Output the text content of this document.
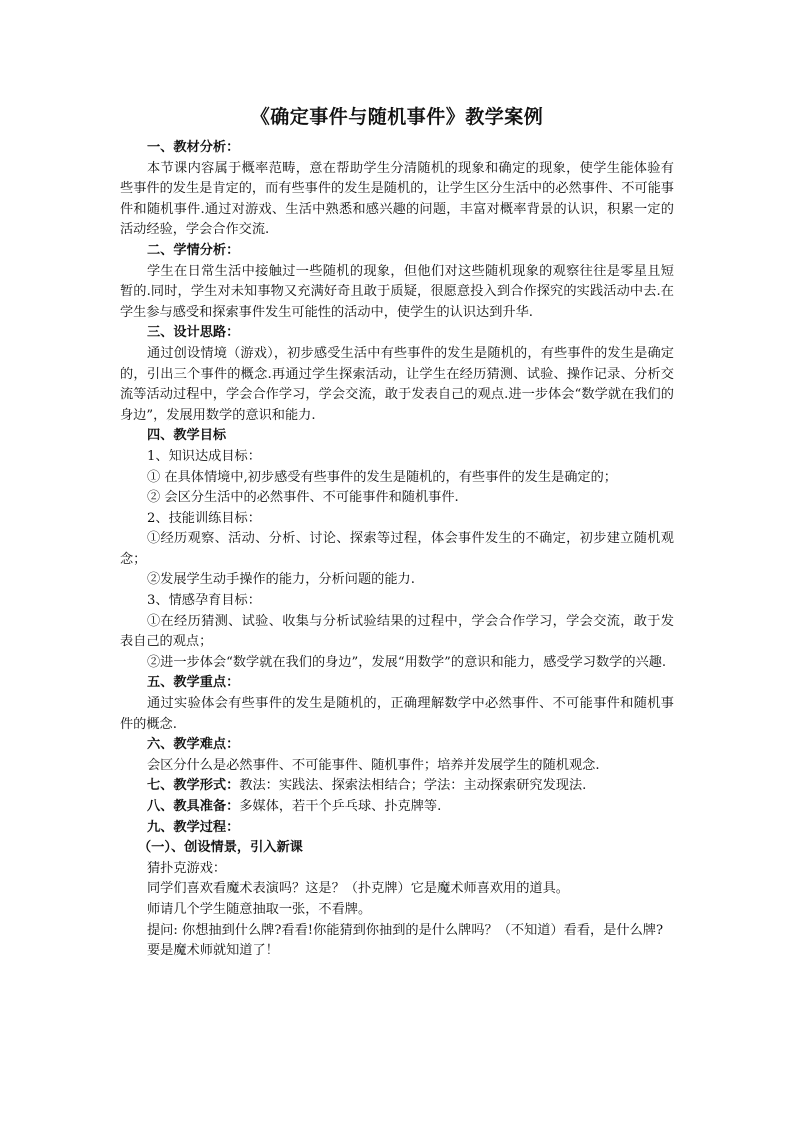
《确定事件与随机事件》教学案例

一、教材分析：

本节课内容属于概率范畴，意在帮助学生分清随机的现象和确定的现象，使学生能体验有些事件的发生是肯定的，而有些事件的发生是随机的，让学生区分生活中的必然事件、不可能事件和随机事件.通过对游戏、生活中熟悉和感兴趣的问题，丰富对概率背景的认识，积累一定的活动经验，学会合作交流.

二、学情分析：

学生在日常生活中接触过一些随机的现象，但他们对这些随机现象的观察往往是零星且短暂的.同时，学生对未知事物又充满好奇且敢于质疑，很愿意投入到合作探究的实践活动中去.在学生参与感受和探索事件发生可能性的活动中，使学生的认识达到升华.

三、设计思路：

通过创设情境（游戏），初步感受生活中有些事件的发生是随机的，有些事件的发生是确定的，引出三个事件的概念.再通过学生探索活动，让学生在经历猜测、试验、操作记录、分析交流等活动过程中，学会合作学习，学会交流，敢于发表自己的观点.进一步体会“数学就在我们的身边”，发展用数学的意识和能力.

四、教学目标

1、知识达成目标：

① 在具体情境中,初步感受有些事件的发生是随机的，有些事件的发生是确定的；

② 会区分生活中的必然事件、不可能事件和随机事件.

2、技能训练目标：

①经历观察、活动、分析、讨论、探索等过程，体会事件发生的不确定，初步建立随机观念；

②发展学生动手操作的能力，分析问题的能力.

3、情感孕育目标：

①在经历猜测、试验、收集与分析试验结果的过程中，学会合作学习，学会交流，敢于发表自己的观点；

②进一步体会“数学就在我们的身边”，发展“用数学”的意识和能力，感受学习数学的兴趣.

五、教学重点：

通过实验体会有些事件的发生是随机的，正确理解数学中必然事件、不可能事件和随机事件的概念.

六、教学难点：

会区分什么是必然事件、不可能事件、随机事件；培养并发展学生的随机观念.

七、教学形式：教法：实践法、探索法相结合；学法：主动探索研究发现法.

八、教具准备：多媒体，若干个乒乓球、扑克牌等.

九、教学过程：

（一）、创设情景，引入新课

猜扑克游戏：

同学们喜欢看魔术表演吗？这是？（扑克牌）它是魔术师喜欢用的道具。

师请几个学生随意抽取一张，不看牌。

提问: 你想抽到什么牌?看看!你能猜到你抽到的是什么牌吗？（不知道）看看，是什么牌?

要是魔术师就知道了！
